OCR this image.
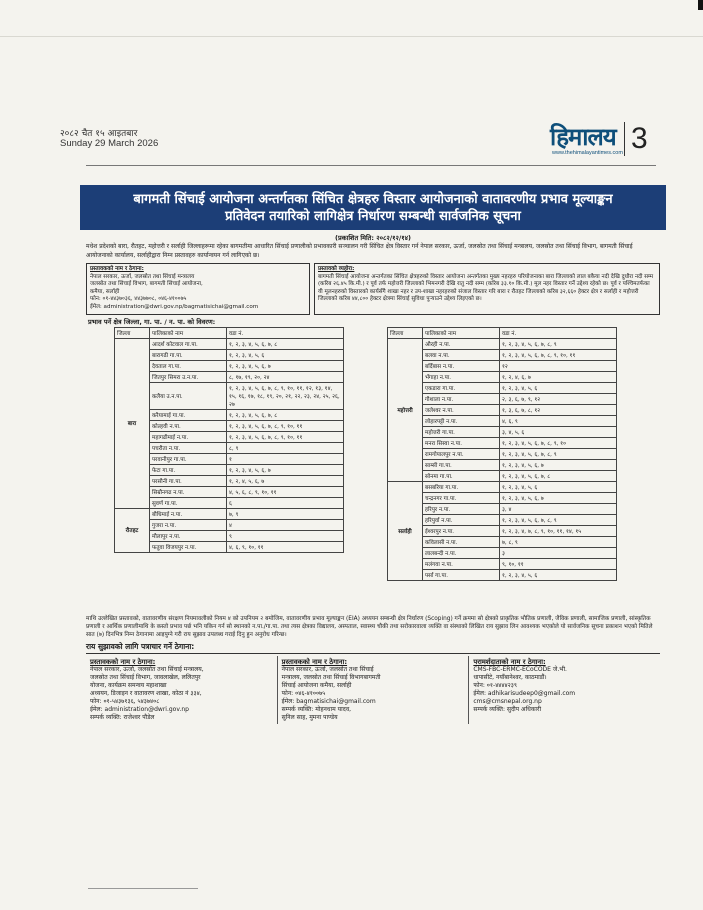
२०८२ चैत १५ आइतबार
Sunday 29 March 2026	हिमालय
www.thehimalayantimes.com 3
बागमती सिंचाई आयोजना अन्तर्गतका सिंचित क्षेत्रहरु विस्तार आयोजनाको वातावरणीय प्रभाव मूल्याङ्कन
प्रतिवेदन तयारिको लागिक्षेत्र निर्धारण सम्बन्धी सार्वजनिक सूचना
(प्रकाशित मिति: २०८२/१२/१४)
मधेश प्रदेशको बारा, रौतहट, महोत्तरी र सर्लाही जिल्लाहरूमा रहेका बागमतीमा आधारित सिंचाई प्रणालीको प्रभावकारी सञ्चालन गरी सिंचित क्षेत्र विस्तार गर्न नेपाल सरकार, ऊर्जा, जलस्रोत तथा सिंचाई मन्त्रालय, जलस्रोत तथा सिंचाई विभाग, बागमती सिंचाई आयोजनाको कार्यालय, सर्लाहीद्वारा निम्न प्रस्तावहरु कार्यान्वयन गर्न लागिएको छ।
प्रस्तावकको नाम र ठेगाना:
नेपाल सरकार, ऊर्जा, जलस्रोत तथा सिंचाई मन्त्रालय
जलस्रोत तथा सिंचाई विभाग, बागमती सिंचाई आयोजना,
कमैया, सर्लाही
फोन: ०१-४४३७०३६, ४४३७७०८, ०४६-४१००७५
ईमेल: administration@dwri.gov.np/bagmatisichai@gmail.com
प्रस्तावको व्यहोरा:
बागमती सिंचाई आयोजना अन्तर्गतका सिंचित क्षेत्रहरुको विस्तार आयोजना अन्तर्गतका मुख्य नहरहरु परियोजनाका बारा जिल्लाको लाल बकैया नदी देखि दुधौरा नदी सम्म (करिब २६.४५ कि.मी.) र पूर्व तर्फ महोत्तरी जिल्लाको भिमनगरी देखि रातु नदी सम्म (करिब ३३.१० कि.मी.) मूल नहर विस्तार गर्ने उद्देश्य रहेको छ। पूर्व र पश्चिमतर्फका यी मूलनहरुको विस्तारको कार्यसँगै शाखा नहर र उप-शाखा नहरहरुको संजाल विस्तार गरि बारा र रौतहट जिल्लाको करिब ३२,६६० हेक्टर क्षेत्र र सर्लाही र महोत्तरी जिल्लाको करिब ४४,८०० हेक्टर क्षेत्रमा सिंचाई सुविधा पुर्‍याउने उद्देश्य लिइएको छ।
प्रभाव पर्ने क्षेत्र जिल्ला, गा. पा. / न. पा. को विवरण:
जिल्ला	पालिकाको नाम	वडा नं.
बारा	आदर्श कोटवाल गा.पा.	१, २, ३, ४, ५, ६, ७, ८
	बारागढी गा.पा.	१, २, ३, ४, ५, ६
	देवताल गा.पा.	१, २, ३, ४, ५, ६, ७
	जितपुर सिमरा उ.न.पा.	८, १७, १९, २०, २४
	कलैया उ.न.पा.	१, २, ३, ४, ५, ६, ७, ८, ९, १०, ११, १२, १३, १४, १५, १६, १७, १८, १९, २०, २१, २२, २३, २४, २५, २६, २७
	करैयामाई गा.पा.	१, २, ३, ४, ५, ६, ७, ८
	कोल्हवी न.पा.	१, २, ३, ४, ५, ६, ७, ८, ९, १०, ११
	महागढीमाई न.पा.	१, २, ३, ४, ५, ६, ७, ८, ९, १०, ११
	पचरौता न.पा.	८, ९
	परवानीपुर गा.पा.	१
	फेटा गा.पा.	१, २, ३, ४, ५, ६, ७
	परसौनी गा.पा.	१, २, ४, ५, ६, ७
	सिम्रौनगढ न.पा.	४, ५, ६, ८, ९, १०, ११
	सुवर्ण गा.पा.	६
रौतहट	बौधिमाई न.पा.	७, ९
	गुजरा न.पा.	४
	मौलापुर न.पा.	९
	फतुवा विजयपुर न.पा.	४, ६, ९, १०, ११
जिल्ला	पालिकाको नाम	वडा नं.
महोत्तरी	औरही न.पा.	१, २, ३, ४, ५, ६, ७, ८, ९
	बलवा न.पा.	१, २, ३, ४, ५, ६, ७, ८, ९, १०, ११
	बर्दिबास न.पा.	१२
	भँगाहा न.पा.	१, २, ४, ६, ७
	एकडारा गा.पा.	१, २, ३, ४, ५, ६
	गौशाला न.पा.	२, ३, ६, ७, ९, १२
	जलेश्वर न.पा.	१, ३, ६, ७, ८, १२
	लोहारपट्टी न.पा.	४, ६, ९
	महोत्तरी गा.पा.	३, ४, ५, ६
	मनरा सिस्वा न.पा.	१, २, ३, ४, ५, ६, ७, ८, ९, १०
	रामगोपालपुर न.पा.	१, २, ३, ४, ५, ६, ७, ८, ९
	साम्सी गा.पा.	१, २, ३, ४, ५, ६, ७
	सोनमा गा.पा.	१, २, ३, ४, ५, ६, ७, ८
सर्लाही	बसबरिया गा.पा.	१, २, ३, ४, ५, ६
	चन्द्रनगर गा.पा.	१, २, ३, ४, ५, ६, ७
	हरिपुर न.पा.	३, ४
	हरिपुर्वा न.पा.	१, २, ३, ४, ५, ६, ७, ८, ९
	ईश्वरपुर न.पा.	१, २, ३, ४, ७, ८, ९, १०, ११, १४, १५
	कविलासी न.पा.	७, ८, ९
	लालबन्दी न.पा.	३
	मलंगवा न.पा.	९, १०, ११
	पर्सा गा.पा.	१, २, ३, ४, ५, ६
माथि उल्लेखित प्रस्तावको, वातावरणीय संरक्षण नियमावलीको नियम ४ को उपनियम २ बमोजिम, वातावरणीय प्रभाव मूल्याङ्कन (EIA) अध्ययन सम्बन्धी क्षेत्र निर्धारण (Scoping) गर्ने क्रममा सो क्षेत्रको प्राकृतिक भौतिक प्रणाली, जैविक प्रणाली, सामाजिक प्रणाली, सांस्कृतिक प्रणाली र आर्थिक प्रणालीमाथि के कस्तो प्रभाव पर्छ भनि यकिन गर्न सो स्थानको न.पा./गा.पा. तथा त्यस क्षेत्रका विद्यालय, अस्पताल, स्वास्थ्य चौकी तथा सरोकारवाला व्यक्ति वा संस्थाको लिखित राय सुझाव लिन आवश्यक भएकोले यो सार्वजनिक सूचना प्रकाशन भएको मितिले सात (७) दिनभित्र निम्न ठेगानामा आइपुग्ने गरी राय सुझाव उपलब्ध गराई दिनु हुन अनुरोध गरिन्छ।
राय सुझावको लागि पत्राचार गर्ने ठेगाना:
प्रस्तावकको नाम र ठेगाना:
नेपाल सरकार, ऊर्जा, जलस्रोत तथा सिंचाई मन्त्रालय,
जलस्रोत तथा सिंचाई विभाग, जावलाखेल, ललितपुर
योजना, कार्यक्रम समन्वय महाशाखा
अध्ययन, डिजाइन र वातावरण शाखा, कोठा नं ३३४,
फोन: ०१-५४३७१३६, ५४३७४०८
ईमेल: administration@dwri.gov.np
सम्पर्क व्यक्ति: राजेश्वर पौडेल
प्रस्तावकको नाम र ठेगाना:
नेपाल सरकार, ऊर्जा, जलस्रोत तथा सिंचाई
मन्त्रालय, जलस्रोत तथा सिंचाई विभागबागमती
सिंचाई आयोजना कमैया, सर्लाही
फोन: ०४६-४१००७५
ईमेल: bagmatisichai@gmail.com
सम्पर्क व्यक्ति: मोहनधाम यादव,
सुनिल साह, मुमना पाण्डेय
परामर्शदाताको नाम र ठेगाना:
CMS-FBC-ERMC-ECoCODE जे.भी.
धापासीटे, नयाँबानेश्वर, काठमाडौं।
फोन: ०१-४४४४२३९
ईमेल: adhikarisudeep0@gmail.com
cms@cmsnepal.org.np
सम्पर्क व्यक्ति: सुदीप अधिकारी
